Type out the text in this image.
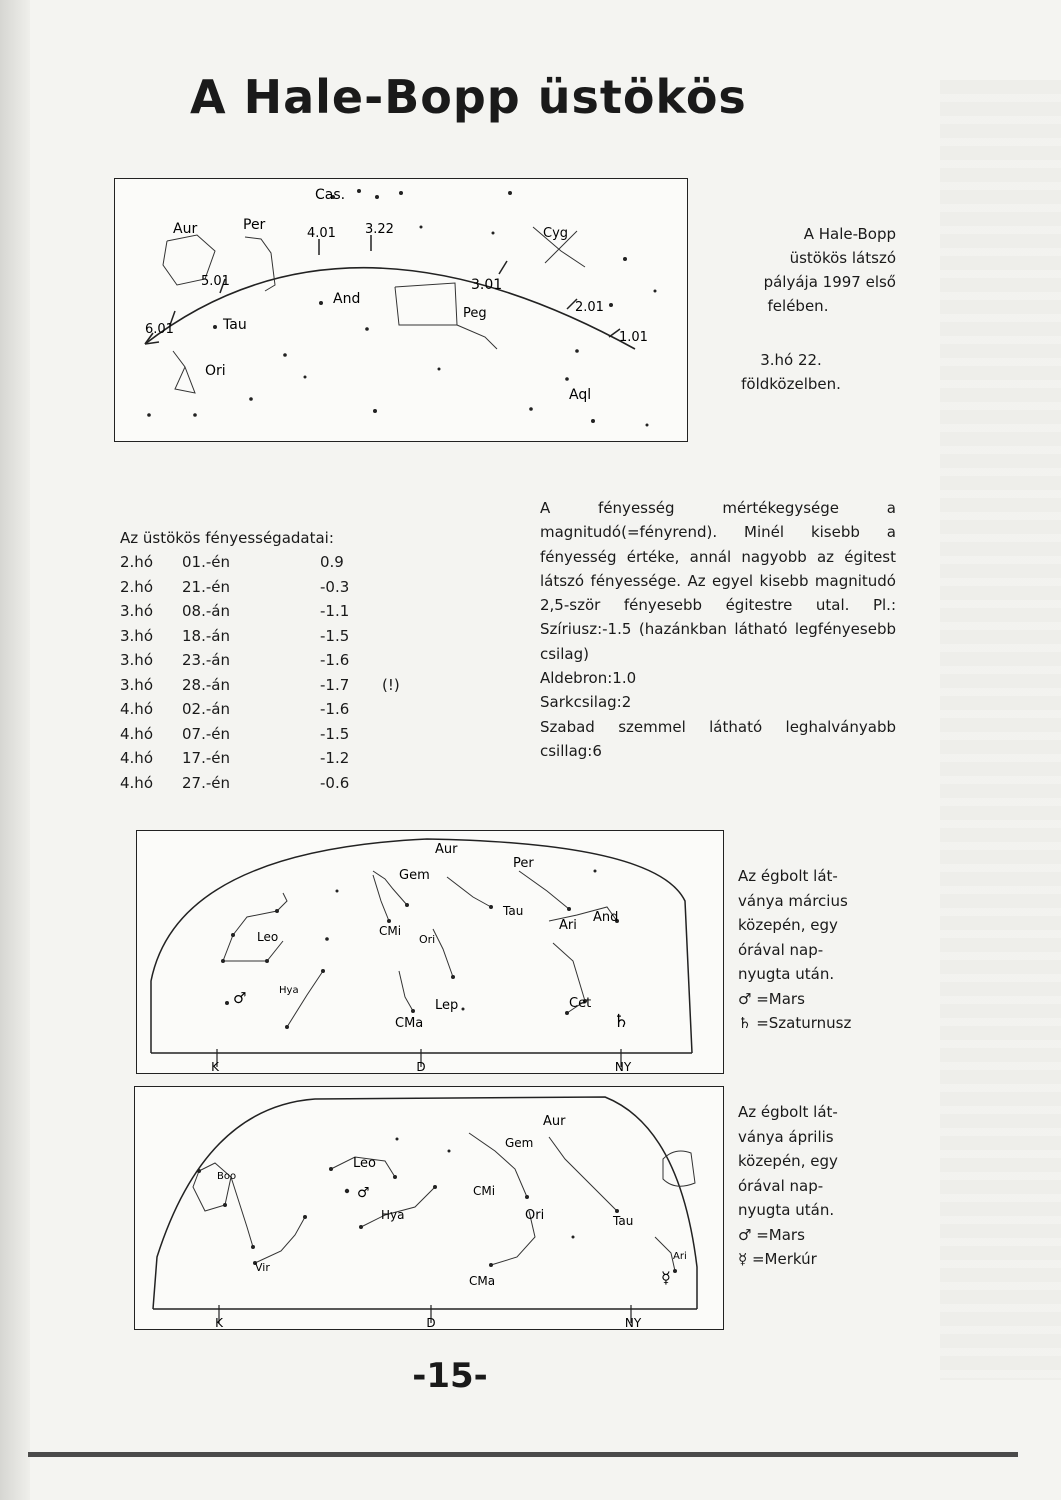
A Hale-Bopp üstökös
Cas.
Aur	Per
Cyg
And
Tau
Peg
Ori
Aql
6.01
5.01
4.01 3.22
3.01
2.01
1.01

A Hale-Bopp

üstökös látszó

pályája 1997 első

felében.

3.hó 22.

földközelben.

Az üstökös fényességadatai:
2.hó 01.-én	0.9
2.hó 21.-én	-0.3
3.hó 08.-án	-1.1
3.hó 18.-án	-1.5
3.hó 23.-án	-1.6
3.hó 28.-án	-1.7 (!)
4.hó 02.-án	-1.6
4.hó 07.-én	-1.5
4.hó 17.-én	-1.2
4.hó 27.-én	-0.6

A fényesség mértékegysége a magnitudó(=fényrend). Minél kisebb a fényesség értéke, annál nagyobb az égitest látszó fényessége. Az egyel kisebb magnitudó 2,5-ször fényesebb égitestre utal. Pl.: Szíriusz:-1.5 (hazánkban látható legfényesebb csilag)

Aldebron:1.0

Sarkcsilag:2

Szabad szemmel látható leghalványabb csillag:6

Aur
Per
Gem
Tau
Ari
And
Leo	CMi
Ori
Hya
Lep	Cet
CMa
♂
♄
K	D	NY

Az égbolt lát-

ványa március

közepén, egy

órával nap-

nyugta után.

♂ =Mars

♄ =Szaturnusz

Aur
Gem
Leo
Boo
CMi
Hya	Ori	Tau
Vir
CMa
Ari
♂
☿
K	D	NY

Az égbolt lát-

ványa április

közepén, egy

órával nap-

nyugta után.

♂ =Mars

☿ =Merkúr

-15-
